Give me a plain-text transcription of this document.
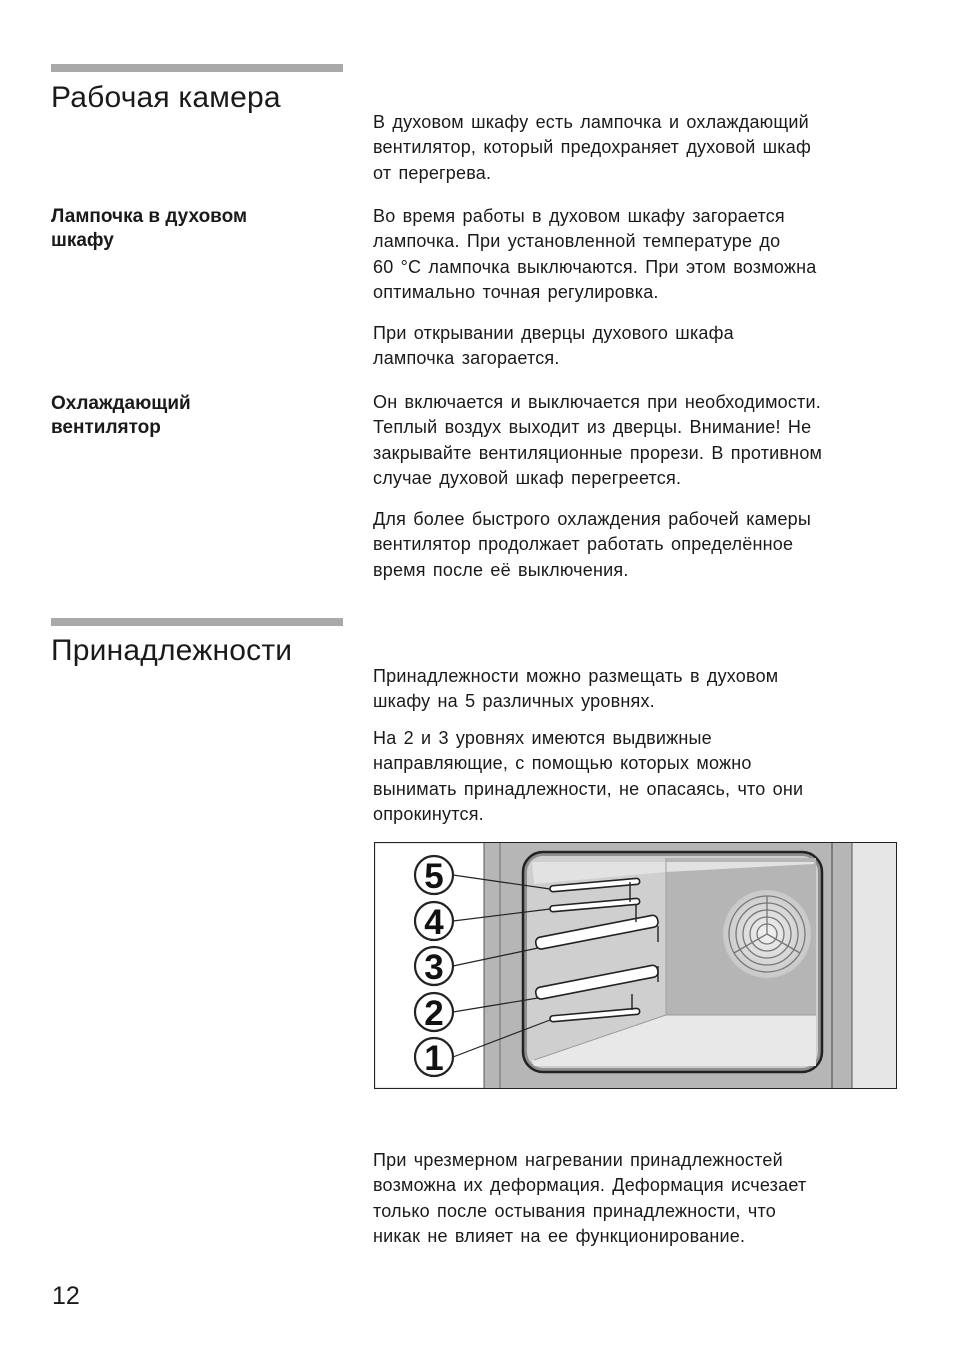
Рабочая камера

В духовом шкафу есть лампочка и охлаждающий
вентилятор, который предохраняет духовой шкаф
от перегрева.

Лампочка в духовом
шкафу

Во время работы в духовом шкафу загорается
лампочка. При установленной температуре до
60 °С лампочка выключаются. При этом возможна
оптимально точная регулировка.

При открывании дверцы духового шкафа
лампочка загорается.

Охлаждающий
вентилятор

Он включается и выключается при необходимости.
Теплый воздух выходит из дверцы. Внимание! Не
закрывайте вентиляционные прорези. В противном
случае духовой шкаф перегреется.

Для более быстрого охлаждения рабочей камеры
вентилятор продолжает работать определённое
время после её выключения.

Принадлежности

Принадлежности можно размещать в духовом
шкафу на 5 различных уровнях.

На 2 и 3 уровнях имеются выдвижные
направляющие, с помощью которых можно
вынимать принадлежности, не опасаясь, что они
опрокинутся.

5
4
3
2
1

При чрезмерном нагревании принадлежностей
возможна их деформация. Деформация исчезает
только после остывания принадлежности, что
никак не влияет на ее функционирование.

12
